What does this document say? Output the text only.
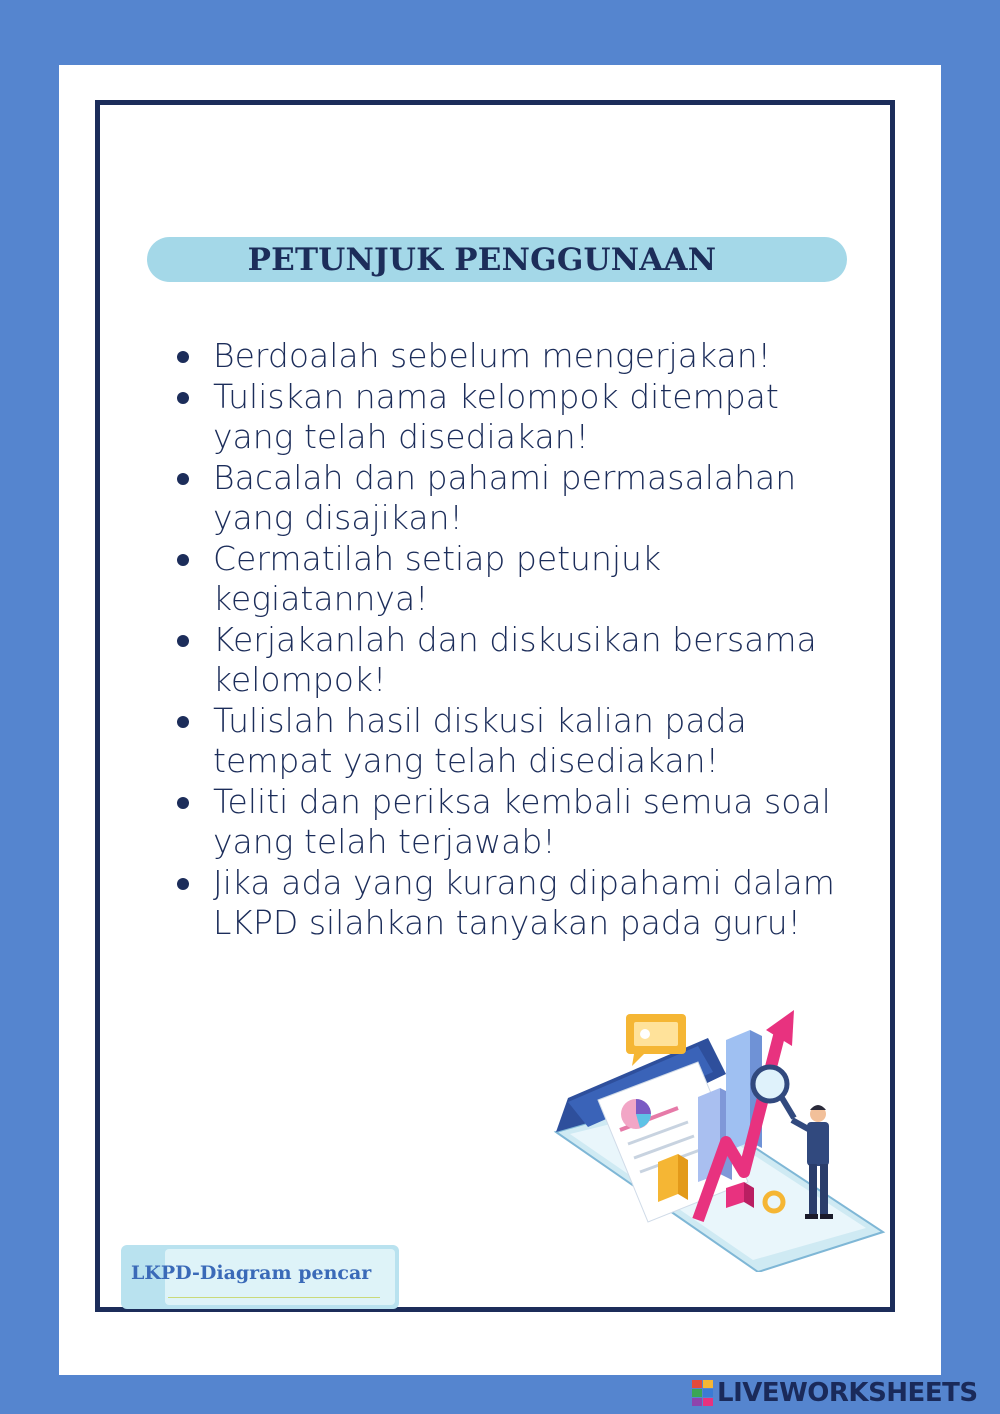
PETUNJUK PENGGUNAAN
Berdoalah sebelum mengerjakan!
Tuliskan nama kelompok ditempat yang telah disediakan!
Bacalah dan pahami permasalahan yang disajikan!
Cermatilah setiap petunjuk kegiatannya!
Kerjakanlah dan diskusikan bersama kelompok!
Tulislah hasil diskusi kalian pada tempat yang telah disediakan!
Teliti dan periksa kembali semua soal yang telah terjawab!
Jika ada yang kurang dipahami dalam LKPD silahkan tanyakan pada guru!
LKPD-Diagram pencar
LIVEWORKSHEETS
